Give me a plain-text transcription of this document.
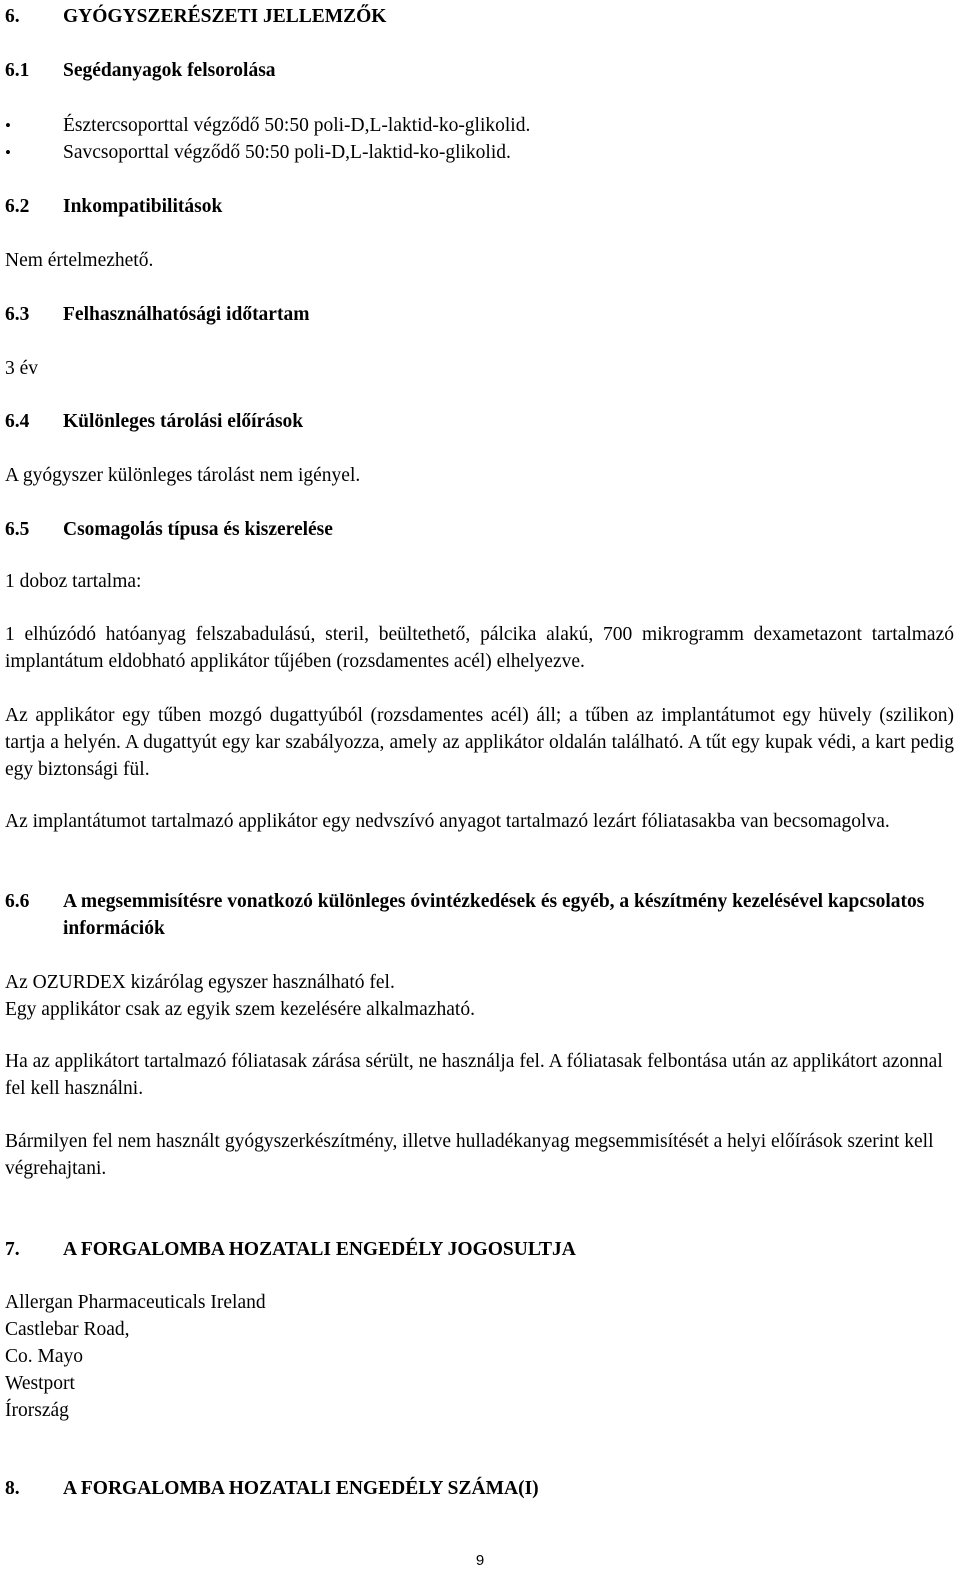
6.	GYÓGYSZERÉSZETI JELLEMZŐK
6.1	Segédanyagok felsorolása
•
Észtercsoporttal végződő 50:50 poli-D,L-laktid-ko-glikolid.
•
Savcsoporttal végződő 50:50 poli-D,L-laktid-ko-glikolid.
6.2	Inkompatibilitások

Nem értelmezhető.

6.3	Felhasználhatósági időtartam

3 év

6.4	Különleges tárolási előírások

A gyógyszer különleges tárolást nem igényel.

6.5	Csomagolás típusa és kiszerelése

1 doboz tartalma:

1 elhúzódó hatóanyag felszabadulású, steril, beültethető, pálcika alakú, 700 mikrogramm dexametazont tartalmazó implantátum eldobható applikátor tűjében (rozsdamentes acél) elhelyezve.

Az applikátor egy tűben mozgó dugattyúból (rozsdamentes acél) áll; a tűben az implantátumot egy hüvely (szilikon) tartja a helyén. A dugattyút egy kar szabályozza, amely az applikátor oldalán található. A tűt egy kupak védi, a kart pedig egy biztonsági fül.

Az implantátumot tartalmazó applikátor egy nedvszívó anyagot tartalmazó lezárt fóliatasakba van becsomagolva.

6.6	A megsemmisítésre vonatkozó különleges óvintézkedések és egyéb, a készítmény kezelésével kapcsolatos információk

Az OZURDEX kizárólag egyszer használható fel.
Egy applikátor csak az egyik szem kezelésére alkalmazható.

Ha az applikátort tartalmazó fóliatasak zárása sérült, ne használja fel. A fóliatasak felbontása után az applikátort azonnal fel kell használni.

Bármilyen fel nem használt gyógyszerkészítmény, illetve hulladékanyag megsemmisítését a helyi előírások szerint kell végrehajtani.

7.	A FORGALOMBA HOZATALI ENGEDÉLY JOGOSULTJA
Allergan Pharmaceuticals Ireland
Castlebar Road,
Co. Mayo
Westport
Írország
8.	A FORGALOMBA HOZATALI ENGEDÉLY SZÁMA(I)
9
